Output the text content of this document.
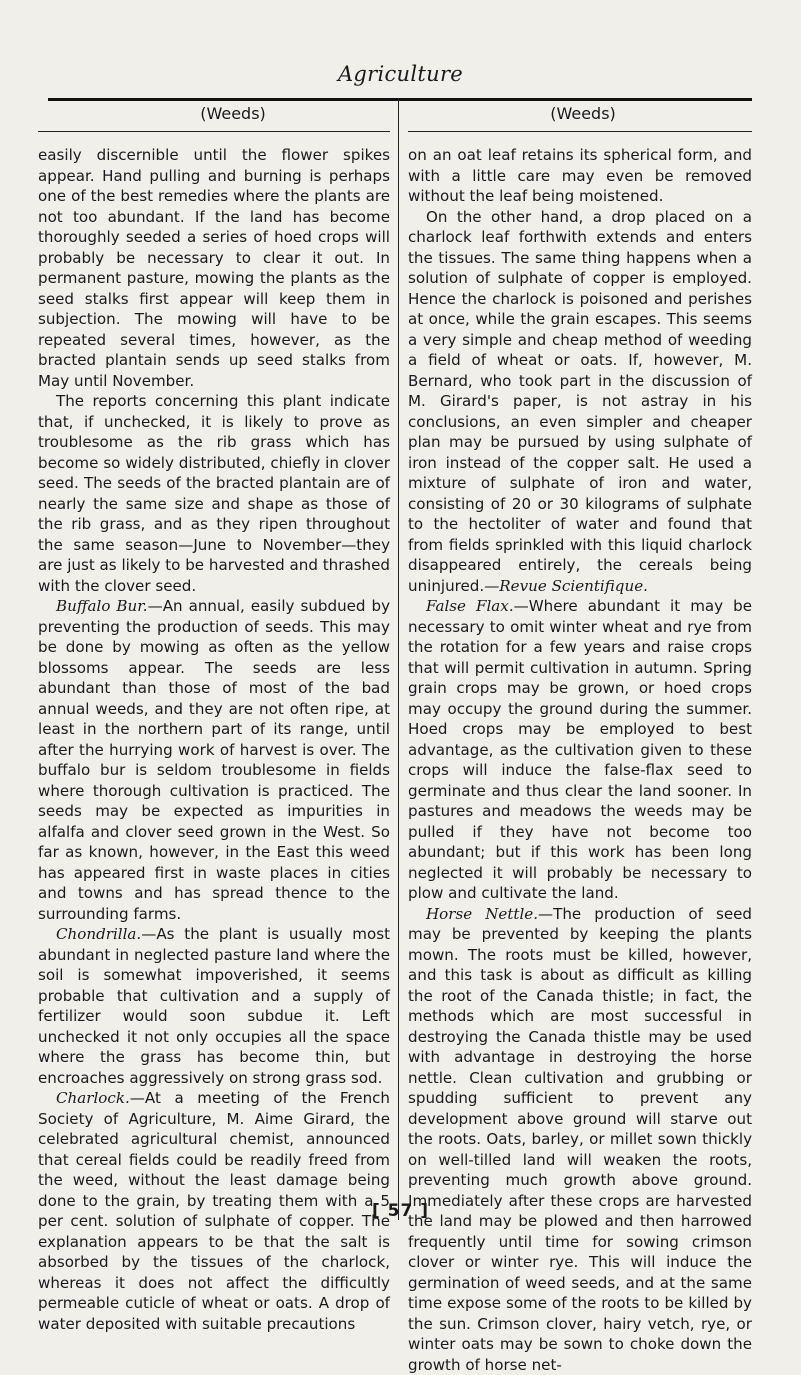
Agriculture
(Weeds)	(Weeds)

easily discernible until the flower spikes appear. Hand pulling and burning is perhaps one of the best remedies where the plants are not too abundant. If the land has become thoroughly seeded a series of hoed crops will probably be necessary to clear it out. In permanent pasture, mowing the plants as the seed stalks first appear will keep them in subjection. The mowing will have to be repeated several times, however, as the bracted plantain sends up seed stalks from May until November.

The reports concerning this plant indicate that, if unchecked, it is likely to prove as troublesome as the rib grass which has become so widely distributed, chiefly in clover seed. The seeds of the bracted plantain are of nearly the same size and shape as those of the rib grass, and as they ripen throughout the same season—June to November—they are just as likely to be harvested and thrashed with the clover seed.

Buffalo Bur.—An annual, easily subdued by preventing the production of seeds. This may be done by mowing as often as the yellow blossoms appear. The seeds are less abundant than those of most of the bad annual weeds, and they are not often ripe, at least in the northern part of its range, until after the hurrying work of harvest is over. The buffalo bur is seldom troublesome in fields where thorough cultivation is practiced. The seeds may be expected as impurities in alfalfa and clover seed grown in the West. So far as known, however, in the East this weed has appeared first in waste places in cities and towns and has spread thence to the surrounding farms.

Chondrilla.—As the plant is usually most abundant in neglected pasture land where the soil is somewhat impoverished, it seems probable that cultivation and a supply of fertilizer would soon subdue it. Left unchecked it not only occupies all the space where the grass has become thin, but encroaches aggressively on strong grass sod.

Charlock.—At a meeting of the French Society of Agriculture, M. Aime Girard, the celebrated agricultural chemist, announced that cereal fields could be readily freed from the weed, without the least damage being done to the grain, by treating them with a 5 per cent. solution of sulphate of copper. The explanation appears to be that the salt is absorbed by the tissues of the charlock, whereas it does not affect the difficultly permeable cuticle of wheat or oats. A drop of water deposited with suitable precautions

on an oat leaf retains its spherical form, and with a little care may even be removed without the leaf being moistened.

On the other hand, a drop placed on a charlock leaf forthwith extends and enters the tissues. The same thing happens when a solution of sulphate of copper is employed. Hence the charlock is poisoned and perishes at once, while the grain escapes. This seems a very simple and cheap method of weeding a field of wheat or oats. If, however, M. Bernard, who took part in the discussion of M. Girard's paper, is not astray in his conclusions, an even simpler and cheaper plan may be pursued by using sulphate of iron instead of the copper salt. He used a mixture of sulphate of iron and water, consisting of 20 or 30 kilograms of sulphate to the hectoliter of water and found that from fields sprinkled with this liquid charlock disappeared entirely, the cereals being uninjured.—Revue Scientifique.

False Flax.—Where abundant it may be necessary to omit winter wheat and rye from the rotation for a few years and raise crops that will permit cultivation in autumn. Spring grain crops may be grown, or hoed crops may occupy the ground during the summer. Hoed crops may be employed to best advantage, as the cultivation given to these crops will induce the false-flax seed to germinate and thus clear the land sooner. In pastures and meadows the weeds may be pulled if they have not become too abundant; but if this work has been long neglected it will probably be necessary to plow and cultivate the land.

Horse Nettle.—The production of seed may be prevented by keeping the plants mown. The roots must be killed, however, and this task is about as difficult as killing the root of the Canada thistle; in fact, the methods which are most successful in destroying the Canada thistle may be used with advantage in destroying the horse nettle. Clean cultivation and grubbing or spudding sufficient to prevent any development above ground will starve out the roots. Oats, barley, or millet sown thickly on well-tilled land will weaken the roots, preventing much growth above ground. Immediately after these crops are harvested the land may be plowed and then harrowed frequently until time for sowing crimson clover or winter rye. This will induce the germination of weed seeds, and at the same time expose some of the roots to be killed by the sun. Crimson clover, hairy vetch, rye, or winter oats may be sown to choke down the growth of horse net-

[ 57 ]
